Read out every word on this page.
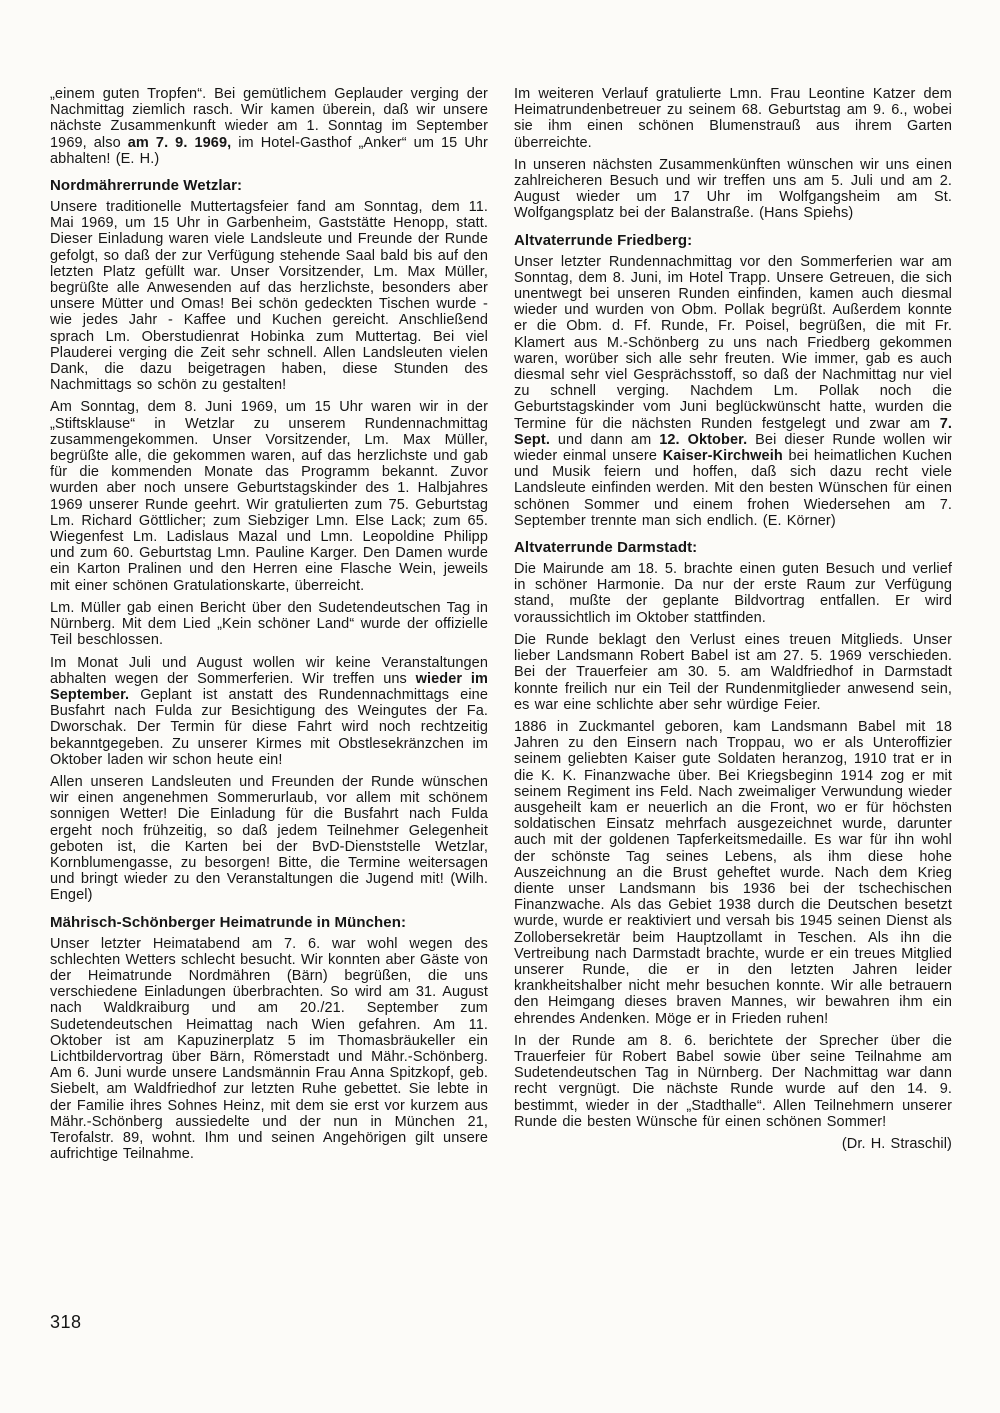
„einem guten Tropfen“. Bei gemütlichem Geplauder verging der Nachmittag ziemlich rasch. Wir kamen überein, daß wir unsere nächste Zusammenkunft wieder am 1. Sonntag im September 1969, also am 7. 9. 1969, im Hotel-Gasthof „Anker“ um 15 Uhr abhalten! (E. H.)
Nordmährerrunde Wetzlar:
Unsere traditionelle Muttertagsfeier fand am Sonntag, dem 11. Mai 1969, um 15 Uhr in Garbenheim, Gaststätte Henopp, statt. Dieser Einladung waren viele Landsleute und Freunde der Runde gefolgt, so daß der zur Verfügung stehende Saal bald bis auf den letzten Platz gefüllt war. Unser Vorsitzender, Lm. Max Müller, begrüßte alle Anwesenden auf das herzlichste, besonders aber unsere Mütter und Omas! Bei schön gedeckten Tischen wurde - wie jedes Jahr - Kaffee und Kuchen gereicht. Anschließend sprach Lm. Oberstudienrat Hobinka zum Muttertag. Bei viel Plauderei verging die Zeit sehr schnell. Allen Landsleuten vielen Dank, die dazu beigetragen haben, diese Stunden des Nachmittags so schön zu gestalten!
Am Sonntag, dem 8. Juni 1969, um 15 Uhr waren wir in der „Stiftsklause“ in Wetzlar zu unserem Rundennachmittag zusammengekommen. Unser Vorsitzender, Lm. Max Müller, begrüßte alle, die gekommen waren, auf das herzlichste und gab für die kommenden Monate das Programm bekannt. Zuvor wurden aber noch unsere Geburtstagskinder des 1. Halbjahres 1969 unserer Runde geehrt. Wir gratulierten zum 75. Geburtstag Lm. Richard Göttlicher; zum Siebziger Lmn. Else Lack; zum 65. Wiegenfest Lm. Ladislaus Mazal und Lmn. Leopoldine Philipp und zum 60. Geburtstag Lmn. Pauline Karger. Den Damen wurde ein Karton Pralinen und den Herren eine Flasche Wein, jeweils mit einer schönen Gratulationskarte, überreicht.
Lm. Müller gab einen Bericht über den Sudetendeutschen Tag in Nürnberg. Mit dem Lied „Kein schöner Land“ wurde der offizielle Teil beschlossen.
Im Monat Juli und August wollen wir keine Veranstaltungen abhalten wegen der Sommerferien. Wir treffen uns wieder im September. Geplant ist anstatt des Rundennachmittags eine Busfahrt nach Fulda zur Besichtigung des Weingutes der Fa. Dworschak. Der Termin für diese Fahrt wird noch rechtzeitig bekanntgegeben. Zu unserer Kirmes mit Obstlesekränzchen im Oktober laden wir schon heute ein!
Allen unseren Landsleuten und Freunden der Runde wünschen wir einen angenehmen Sommerurlaub, vor allem mit schönem sonnigen Wetter! Die Einladung für die Busfahrt nach Fulda ergeht noch frühzeitig, so daß jedem Teilnehmer Gelegenheit geboten ist, die Karten bei der BvD-Dienststelle Wetzlar, Kornblumengasse, zu besorgen! Bitte, die Termine weitersagen und bringt wieder zu den Veranstaltungen die Jugend mit! (Wilh. Engel)
Mährisch-Schönberger Heimatrunde in München:
Unser letzter Heimatabend am 7. 6. war wohl wegen des schlechten Wetters schlecht besucht. Wir konnten aber Gäste von der Heimatrunde Nordmähren (Bärn) begrüßen, die uns verschiedene Einladungen überbrachten. So wird am 31. August nach Waldkraiburg und am 20./21. September zum Sudetendeutschen Heimattag nach Wien gefahren. Am 11. Oktober ist am Kapuzinerplatz 5 im Thomasbräukeller ein Lichtbildervortrag über Bärn, Römerstadt und Mähr.-Schönberg. Am 6. Juni wurde unsere Landsmännin Frau Anna Spitzkopf, geb. Siebelt, am Waldfriedhof zur letzten Ruhe gebettet. Sie lebte in der Familie ihres Sohnes Heinz, mit dem sie erst vor kurzem aus Mähr.-Schönberg aussiedelte und der nun in München 21, Terofalstr. 89, wohnt. Ihm und seinen Angehörigen gilt unsere aufrichtige Teilnahme.
Im weiteren Verlauf gratulierte Lmn. Frau Leontine Katzer dem Heimatrundenbetreuer zu seinem 68. Geburtstag am 9. 6., wobei sie ihm einen schönen Blumenstrauß aus ihrem Garten überreichte.
In unseren nächsten Zusammenkünften wünschen wir uns einen zahlreicheren Besuch und wir treffen uns am 5. Juli und am 2. August wieder um 17 Uhr im Wolfgangsheim am St. Wolfgangsplatz bei der Balanstraße. (Hans Spiehs)
Altvaterrunde Friedberg:
Unser letzter Rundennachmittag vor den Sommerferien war am Sonntag, dem 8. Juni, im Hotel Trapp. Unsere Getreuen, die sich unentwegt bei unseren Runden einfinden, kamen auch diesmal wieder und wurden von Obm. Pollak begrüßt. Außerdem konnte er die Obm. d. Ff. Runde, Fr. Poisel, begrüßen, die mit Fr. Klamert aus M.-Schönberg zu uns nach Friedberg gekommen waren, worüber sich alle sehr freuten. Wie immer, gab es auch diesmal sehr viel Gesprächsstoff, so daß der Nachmittag nur viel zu schnell verging. Nachdem Lm. Pollak noch die Geburtstagskinder vom Juni beglückwünscht hatte, wurden die Termine für die nächsten Runden festgelegt und zwar am 7. Sept. und dann am 12. Oktober. Bei dieser Runde wollen wir wieder einmal unsere Kaiser-Kirchweih bei heimatlichen Kuchen und Musik feiern und hoffen, daß sich dazu recht viele Landsleute einfinden werden. Mit den besten Wünschen für einen schönen Sommer und einem frohen Wiedersehen am 7. September trennte man sich endlich. (E. Körner)
Altvaterrunde Darmstadt:
Die Mairunde am 18. 5. brachte einen guten Besuch und verlief in schöner Harmonie. Da nur der erste Raum zur Verfügung stand, mußte der geplante Bildvortrag entfallen. Er wird voraussichtlich im Oktober stattfinden.
Die Runde beklagt den Verlust eines treuen Mitglieds. Unser lieber Landsmann Robert Babel ist am 27. 5. 1969 verschieden. Bei der Trauerfeier am 30. 5. am Waldfriedhof in Darmstadt konnte freilich nur ein Teil der Rundenmitglieder anwesend sein, es war eine schlichte aber sehr würdige Feier.
1886 in Zuckmantel geboren, kam Landsmann Babel mit 18 Jahren zu den Einsern nach Troppau, wo er als Unteroffizier seinem geliebten Kaiser gute Soldaten heranzog, 1910 trat er in die K. K. Finanzwache über. Bei Kriegsbeginn 1914 zog er mit seinem Regiment ins Feld. Nach zweimaliger Verwundung wieder ausgeheilt kam er neuerlich an die Front, wo er für höchsten soldatischen Einsatz mehrfach ausgezeichnet wurde, darunter auch mit der goldenen Tapferkeitsmedaille. Es war für ihn wohl der schönste Tag seines Lebens, als ihm diese hohe Auszeichnung an die Brust geheftet wurde. Nach dem Krieg diente unser Landsmann bis 1936 bei der tschechischen Finanzwache. Als das Gebiet 1938 durch die Deutschen besetzt wurde, wurde er reaktiviert und versah bis 1945 seinen Dienst als Zollobersekretär beim Hauptzollamt in Teschen. Als ihn die Vertreibung nach Darmstadt brachte, wurde er ein treues Mitglied unserer Runde, die er in den letzten Jahren leider krankheitshalber nicht mehr besuchen konnte. Wir alle betrauern den Heimgang dieses braven Mannes, wir bewahren ihm ein ehrendes Andenken. Möge er in Frieden ruhen!
In der Runde am 8. 6. berichtete der Sprecher über die Trauerfeier für Robert Babel sowie über seine Teilnahme am Sudetendeutschen Tag in Nürnberg. Der Nachmittag war dann recht vergnügt. Die nächste Runde wurde auf den 14. 9. bestimmt, wieder in der „Stadthalle“. Allen Teilnehmern unserer Runde die besten Wünsche für einen schönen Sommer!
(Dr. H. Straschil)
318
